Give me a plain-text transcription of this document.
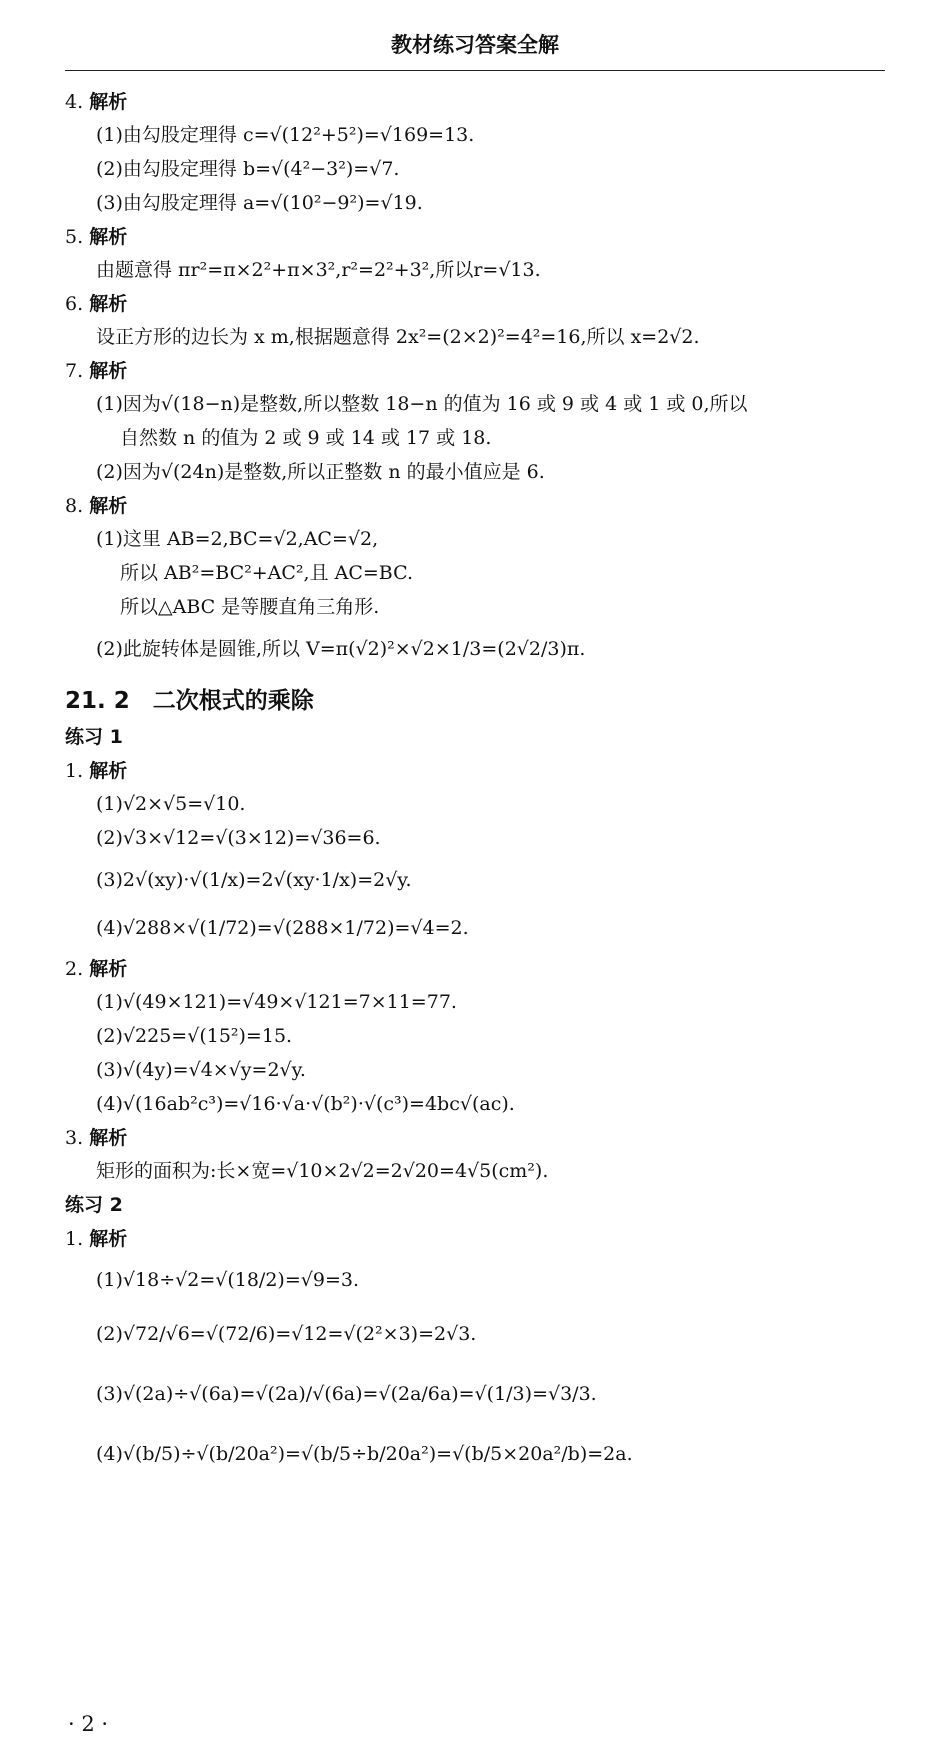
教材练习答案全解
4. 解析
(1)由勾股定理得 c=√(12²+5²)=√169=13.
(2)由勾股定理得 b=√(4²−3²)=√7.
(3)由勾股定理得 a=√(10²−9²)=√19.
5. 解析
由题意得 πr²=π×2²+π×3²,r²=2²+3²,所以r=√13.
6. 解析
设正方形的边长为 x m,根据题意得 2x²=(2×2)²=4²=16,所以 x=2√2.
7. 解析
(1)因为√(18−n)是整数,所以整数 18−n 的值为 16 或 9 或 4 或 1 或 0,所以
自然数 n 的值为 2 或 9 或 14 或 17 或 18.
(2)因为√(24n)是整数,所以正整数 n 的最小值应是 6.
8. 解析
(1)这里 AB=2,BC=√2,AC=√2,
所以 AB²=BC²+AC²,且 AC=BC.
所以△ABC 是等腰直角三角形.
(2)此旋转体是圆锥,所以 V=π(√2)²×√2×1/3=(2√2/3)π.
21. 2　二次根式的乘除
练习 1
1. 解析
(1)√2×√5=√10.
(2)√3×√12=√(3×12)=√36=6.
(3)2√(xy)·√(1/x)=2√(xy·1/x)=2√y.
(4)√288×√(1/72)=√(288×1/72)=√4=2.
2. 解析
(1)√(49×121)=√49×√121=7×11=77.
(2)√225=√(15²)=15.
(3)√(4y)=√4×√y=2√y.
(4)√(16ab²c³)=√16·√a·√(b²)·√(c³)=4bc√(ac).
3. 解析
矩形的面积为:长×宽=√10×2√2=2√20=4√5(cm²).
练习 2
1. 解析
(1)√18÷√2=√(18/2)=√9=3.
(2)√72/√6=√(72/6)=√12=√(2²×3)=2√3.
(3)√(2a)÷√(6a)=√(2a)/√(6a)=√(2a/6a)=√(1/3)=√3/3.
(4)√(b/5)÷√(b/20a²)=√(b/5÷b/20a²)=√(b/5×20a²/b)=2a.
· 2 ·
